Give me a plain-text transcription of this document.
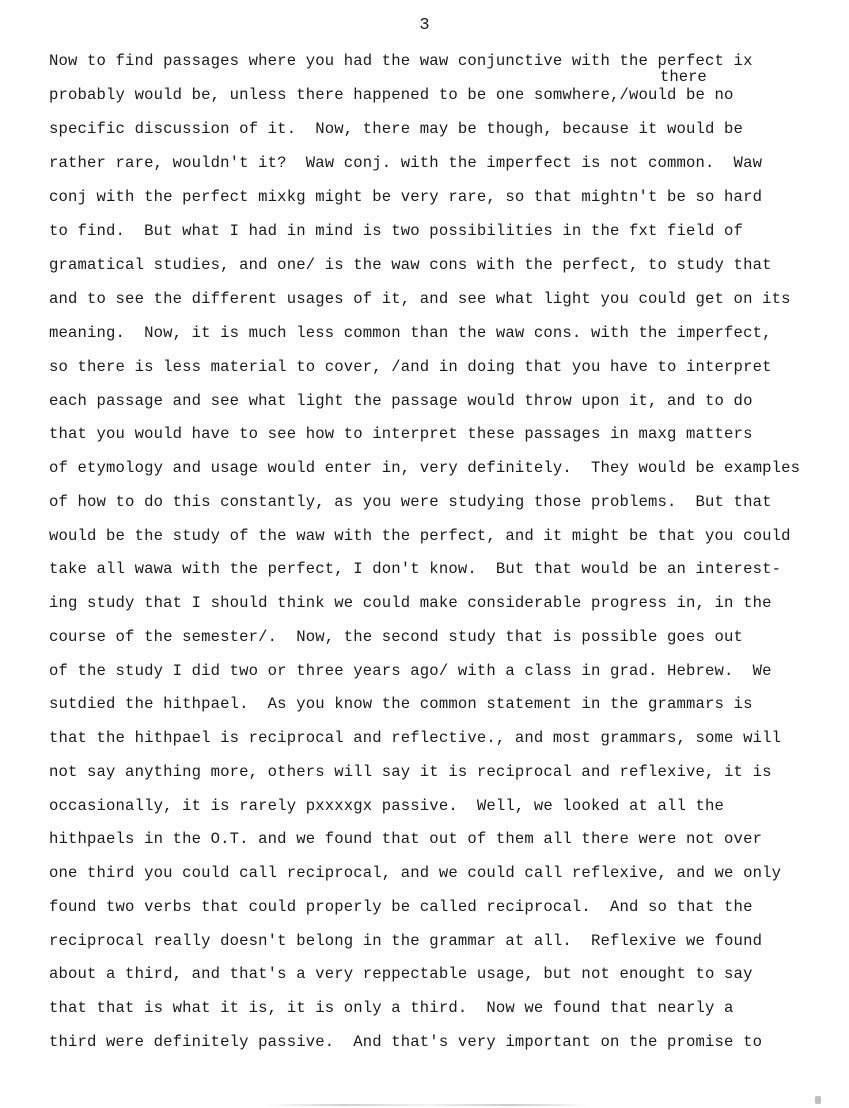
3
there
Now to find passages where you had the waw conjunctive with the perfect ix
probably would be, unless there happened to be one somwhere,/would be no
specific discussion of it.  Now, there may be though, because it would be
rather rare, wouldn't it?  Waw conj. with the imperfect is not common.  Waw
conj with the perfect mixkg might be very rare, so that mightn't be so hard
to find.  But what I had in mind is two possibilities in the fxt field of
gramatical studies, and one/ is the waw cons with the perfect, to study that
and to see the different usages of it, and see what light you could get on its
meaning.  Now, it is much less common than the waw cons. with the imperfect,
so there is less material to cover, /and in doing that you have to interpret
each passage and see what light the passage would throw upon it, and to do
that you would have to see how to interpret these passages in maxg matters
of etymology and usage would enter in, very definitely.  They would be examples
of how to do this constantly, as you were studying those problems.  But that
would be the study of the waw with the perfect, and it might be that you could
take all wawa with the perfect, I don't know.  But that would be an interest-
ing study that I should think we could make considerable progress in, in the
course of the semester/.  Now, the second study that is possible goes out
of the study I did two or three years ago/ with a class in grad. Hebrew.  We
sutdied the hithpael.  As you know the common statement in the grammars is
that the hithpael is reciprocal and reflective., and most grammars, some will
not say anything more, others will say it is reciprocal and reflexive, it is
occasionally, it is rarely pxxxxgx passive.  Well, we looked at all the
hithpaels in the O.T. and we found that out of them all there were not over
one third you could call reciprocal, and we could call reflexive, and we only
found two verbs that could properly be called reciprocal.  And so that the
reciprocal really doesn't belong in the grammar at all.  Reflexive we found
about a third, and that's a very reppectable usage, but not enought to say
that that is what it is, it is only a third.  Now we found that nearly a
third were definitely passive.  And that's very important on the promise to
